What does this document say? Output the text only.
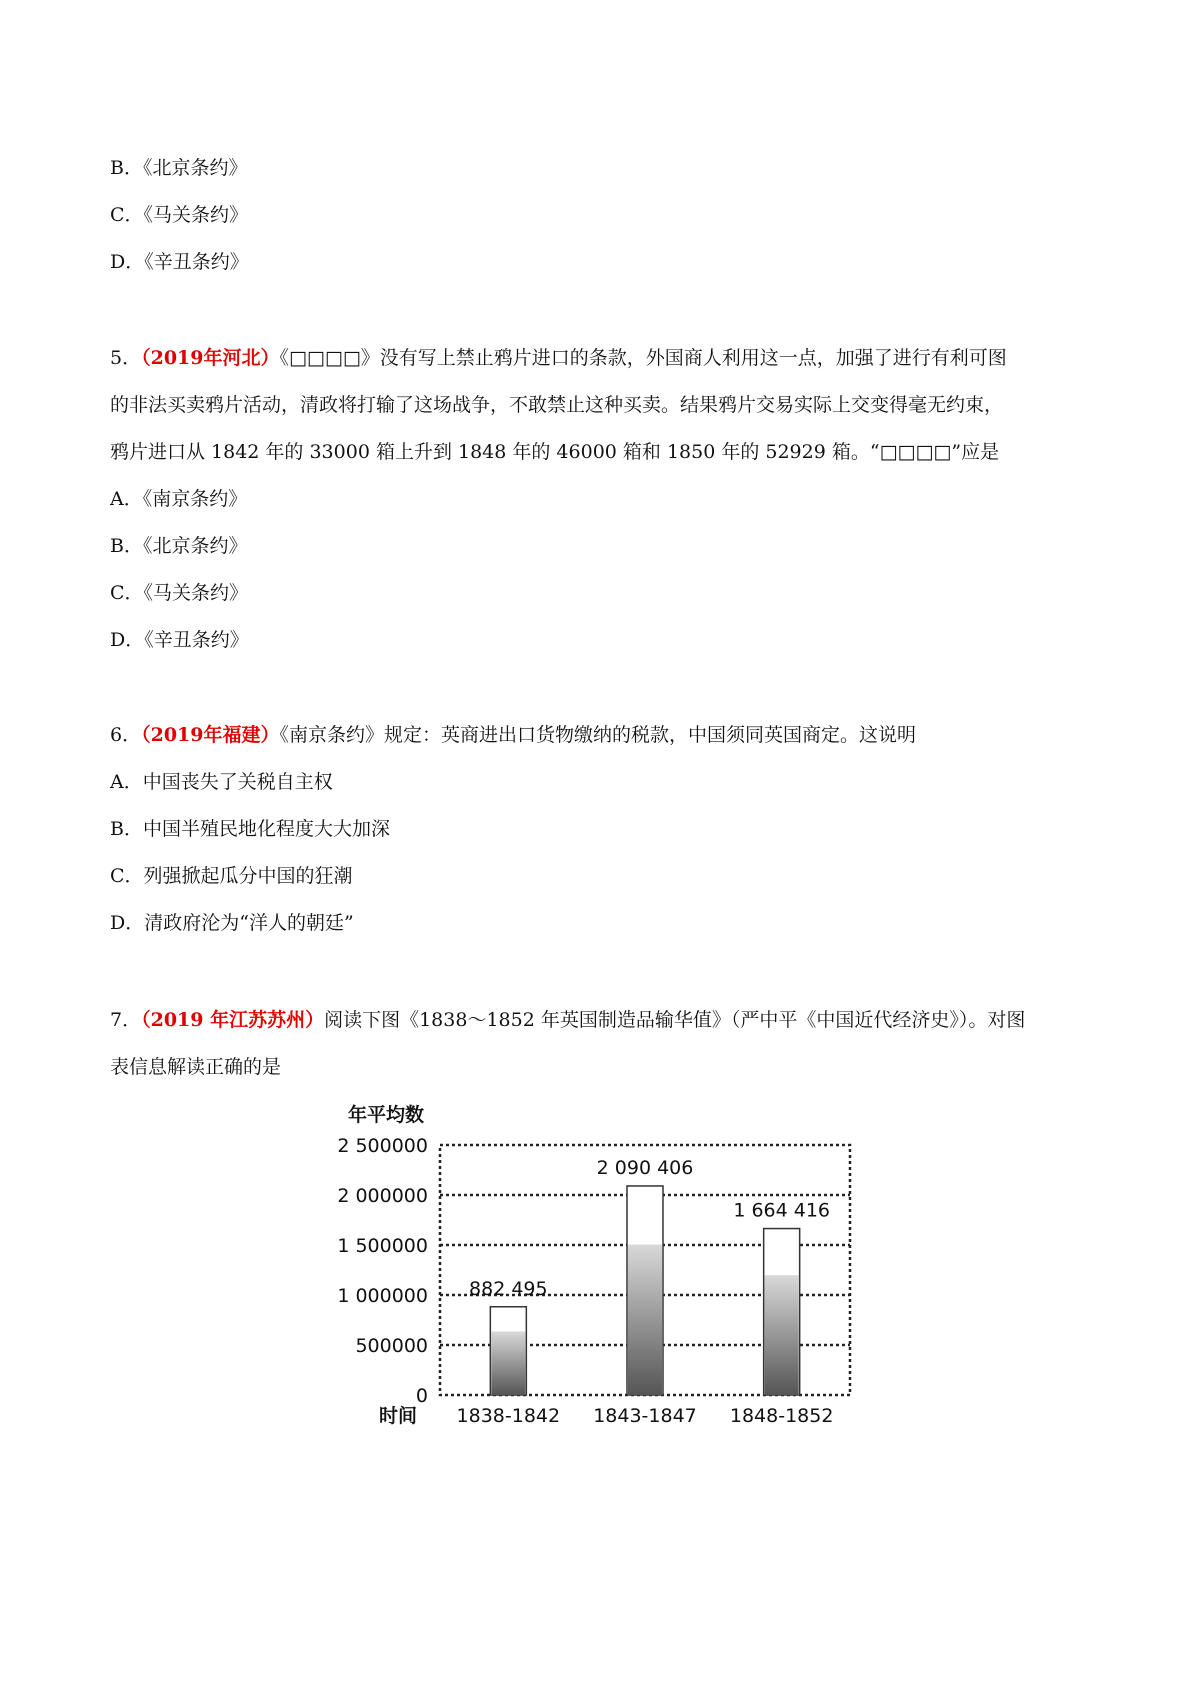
B．《北京条约》
C．《马关条约》
D．《辛丑条约》
5．（2019年河北）《□□□□》没有写上禁止鸦片进口的条款，外国商人利用这一点，加强了进行有利可图
的非法买卖鸦片活动，清政将打输了这场战争，不敢禁止这种买卖。结果鸦片交易实际上交变得毫无约束，
鸦片进口从 1842 年的 33000 箱上升到 1848 年的 46000 箱和 1850 年的 52929 箱。“□□□□”应是
A．《南京条约》
B．《北京条约》
C．《马关条约》
D．《辛丑条约》
6．（2019年福建）《南京条约》规定：英商进出口货物缴纳的税款，中国须同英国商定。这说明
A．中国丧失了关税自主权
B．中国半殖民地化程度大大加深
C．列强掀起瓜分中国的狂潮
D．清政府沦为“洋人的朝廷”
7．（2019 年江苏苏州）阅读下图《1838～1852 年英国制造品输华值》（严中平《中国近代经济史》）。对图
表信息解读正确的是
年平均数
0
500000
1 000000
1 500000
2 000000
2 500000
882 495
2 090 406
1 664 416
1838-1842 1843-1847 1848-1852
时间
